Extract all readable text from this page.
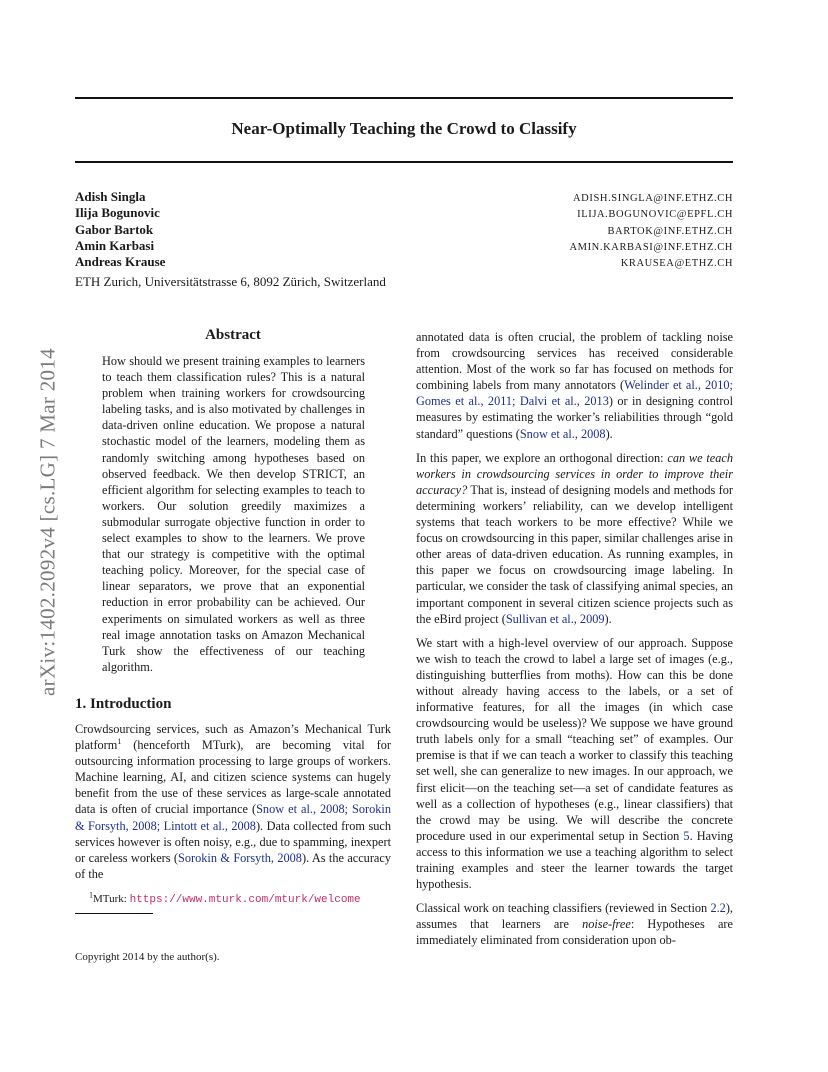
Near-Optimally Teaching the Crowd to Classify
Adish Singla	ADISH.SINGLA@INF.ETHZ.CH
Ilija Bogunovic	ILIJA.BOGUNOVIC@EPFL.CH
Gabor Bartok	BARTOK@INF.ETHZ.CH
Amin Karbasi	AMIN.KARBASI@INF.ETHZ.CH
Andreas Krause	KRAUSEA@ETHZ.CH
ETH Zurich, Universitätstrasse 6, 8092 Zürich, Switzerland
arXiv:1402.2092v4 [cs.LG] 7 Mar 2014
Abstract

How should we present training examples to learners to teach them classification rules? This is a natural problem when training workers for crowdsourcing labeling tasks, and is also motivated by challenges in data-driven online education. We propose a natural stochastic model of the learners, modeling them as randomly switching among hypotheses based on observed feedback. We then develop STRICT, an efficient algorithm for selecting examples to teach to workers. Our solution greedily maximizes a submodular surrogate objective function in order to select examples to show to the learners. We prove that our strategy is competitive with the optimal teaching policy. Moreover, for the special case of linear separators, we prove that an exponential reduction in error probability can be achieved. Our experiments on simulated workers as well as three real image annotation tasks on Amazon Mechanical Turk show the effectiveness of our teaching algorithm.

1. Introduction

Crowdsourcing services, such as Amazon’s Mechanical Turk platform$^1$ (henceforth MTurk), are becoming vital for outsourcing information processing to large groups of workers. Machine learning, AI, and citizen science systems can hugely benefit from the use of these services as large-scale annotated data is often of crucial importance (Snow et al., 2008; Sorokin & Forsyth, 2008; Lintott et al., 2008). Data collected from such services however is often noisy, e.g., due to spamming, inexpert or careless workers (Sorokin & Forsyth, 2008). As the accuracy of the

annotated data is often crucial, the problem of tackling noise from crowdsourcing services has received considerable attention. Most of the work so far has focused on methods for combining labels from many annotators (Welinder et al., 2010; Gomes et al., 2011; Dalvi et al., 2013) or in designing control measures by estimating the worker’s reliabilities through “gold standard” questions (Snow et al., 2008).

In this paper, we explore an orthogonal direction: can we teach workers in crowdsourcing services in order to improve their accuracy? That is, instead of designing models and methods for determining workers’ reliability, can we develop intelligent systems that teach workers to be more effective? While we focus on crowdsourcing in this paper, similar challenges arise in other areas of data-driven education. As running examples, in this paper we focus on crowdsourcing image labeling. In particular, we consider the task of classifying animal species, an important component in several citizen science projects such as the eBird project (Sullivan et al., 2009).

We start with a high-level overview of our approach. Suppose we wish to teach the crowd to label a large set of images (e.g., distinguishing butterflies from moths). How can this be done without already having access to the labels, or a set of informative features, for all the images (in which case crowdsourcing would be useless)? We suppose we have ground truth labels only for a small “teaching set” of examples. Our premise is that if we can teach a worker to classify this teaching set well, she can generalize to new images. In our approach, we first elicit—on the teaching set—a set of candidate features as well as a collection of hypotheses (e.g., linear classifiers) that the crowd may be using. We will describe the concrete procedure used in our experimental setup in Section 5. Having access to this information we use a teaching algorithm to select training examples and steer the learner towards the target hypothesis.

Classical work on teaching classifiers (reviewed in Section 2.2), assumes that learners are noise-free: Hypotheses are immediately eliminated from consideration upon ob-

$^1$MTurk: https://www.mturk.com/mturk/welcome
Copyright 2014 by the author(s).
